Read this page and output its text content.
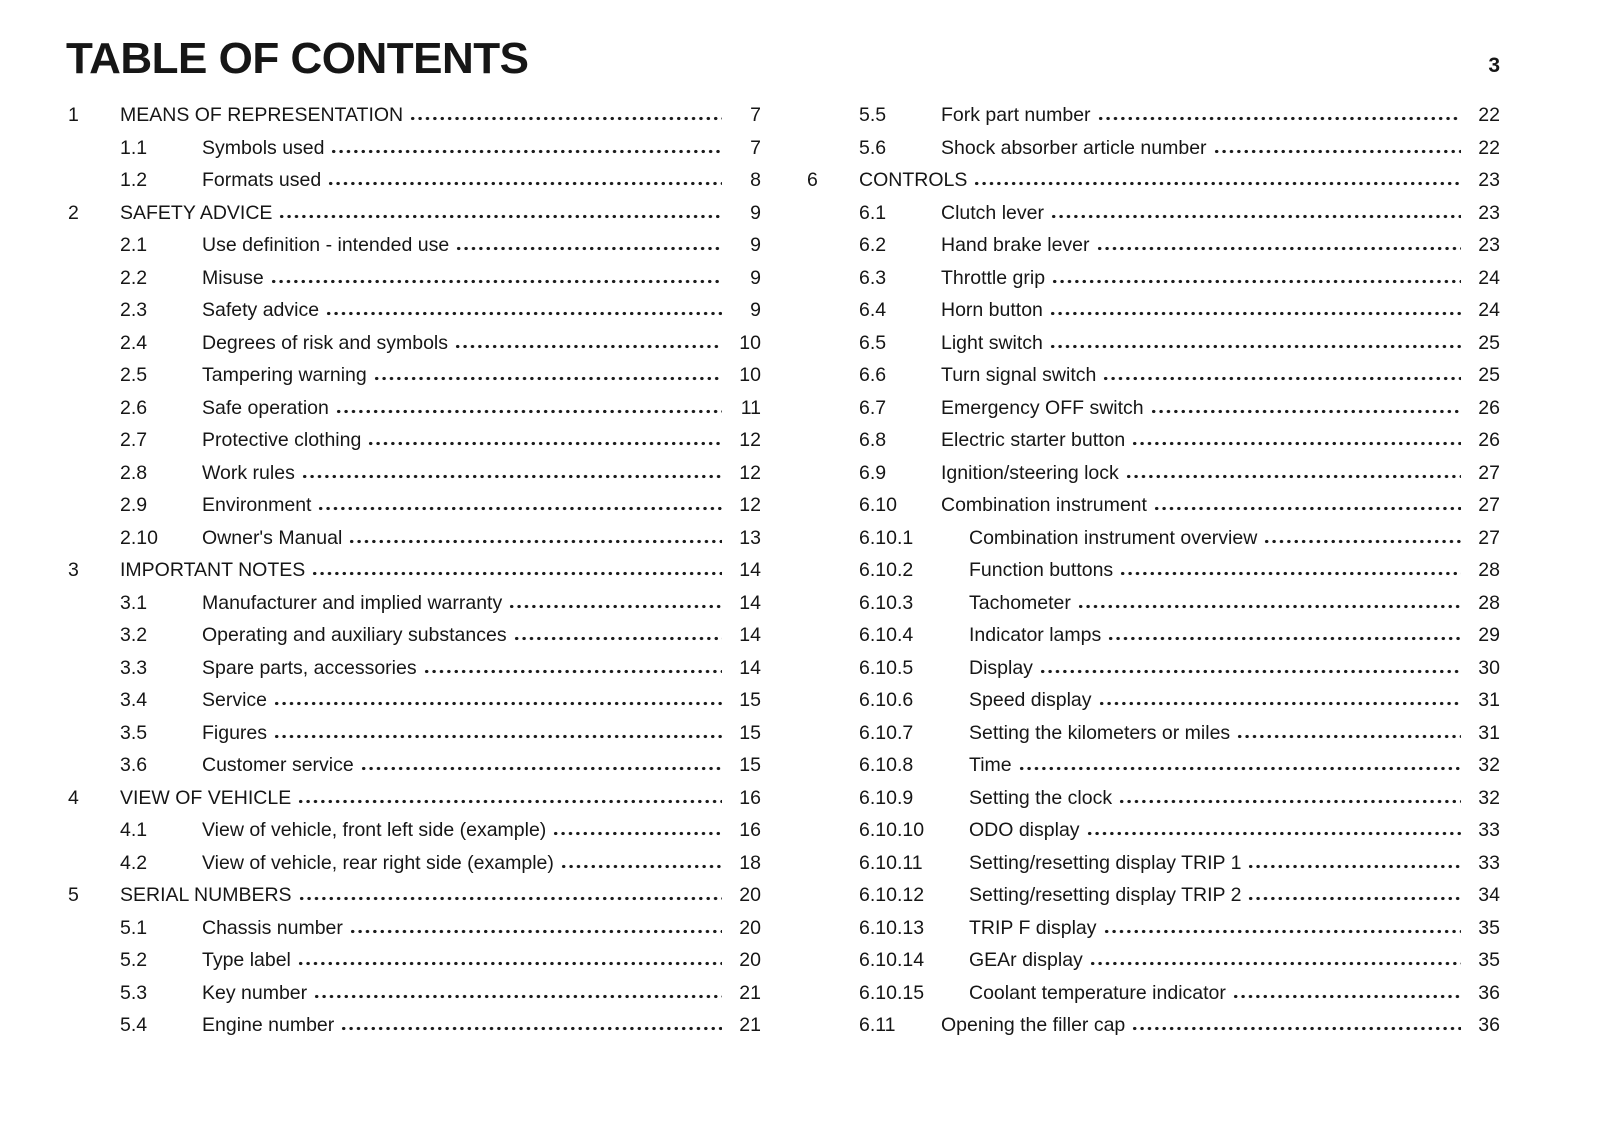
TABLE OF CONTENTS	3
1	MEANS OF REPRESENTATION	7
1.1	Symbols used	7
1.2	Formats used	8
2	SAFETY ADVICE	9
2.1	Use definition - intended use	9
2.2	Misuse	9
2.3	Safety advice	9
2.4	Degrees of risk and symbols	10
2.5	Tampering warning	10
2.6	Safe operation	11
2.7	Protective clothing	12
2.8	Work rules	12
2.9	Environment	12
2.10	Owner's Manual	13
3	IMPORTANT NOTES	14
3.1	Manufacturer and implied warranty	14
3.2	Operating and auxiliary substances	14
3.3	Spare parts, accessories	14
3.4	Service	15
3.5	Figures	15
3.6	Customer service	15
4	VIEW OF VEHICLE	16
4.1	View of vehicle, front left side (example)	16
4.2	View of vehicle, rear right side (example)	18
5	SERIAL NUMBERS	20
5.1	Chassis number	20
5.2	Type label	20
5.3	Key number	21
5.4	Engine number	21
5.5	Fork part number	22
5.6	Shock absorber article number	22
6	CONTROLS	23
6.1	Clutch lever	23
6.2	Hand brake lever	23
6.3	Throttle grip	24
6.4	Horn button	24
6.5	Light switch	25
6.6	Turn signal switch	25
6.7	Emergency OFF switch	26
6.8	Electric starter button	26
6.9	Ignition/steering lock	27
6.10	Combination instrument	27
6.10.1	Combination instrument overview	27
6.10.2	Function buttons	28
6.10.3	Tachometer	28
6.10.4	Indicator lamps	29
6.10.5	Display	30
6.10.6	Speed display	31
6.10.7	Setting the kilometers or miles	31
6.10.8	Time	32
6.10.9	Setting the clock	32
6.10.10	ODO display	33
6.10.11	Setting/resetting display TRIP 1	33
6.10.12	Setting/resetting display TRIP 2	34
6.10.13	TRIP F display	35
6.10.14	GEAr display	35
6.10.15	Coolant temperature indicator	36
6.11	Opening the filler cap	36
